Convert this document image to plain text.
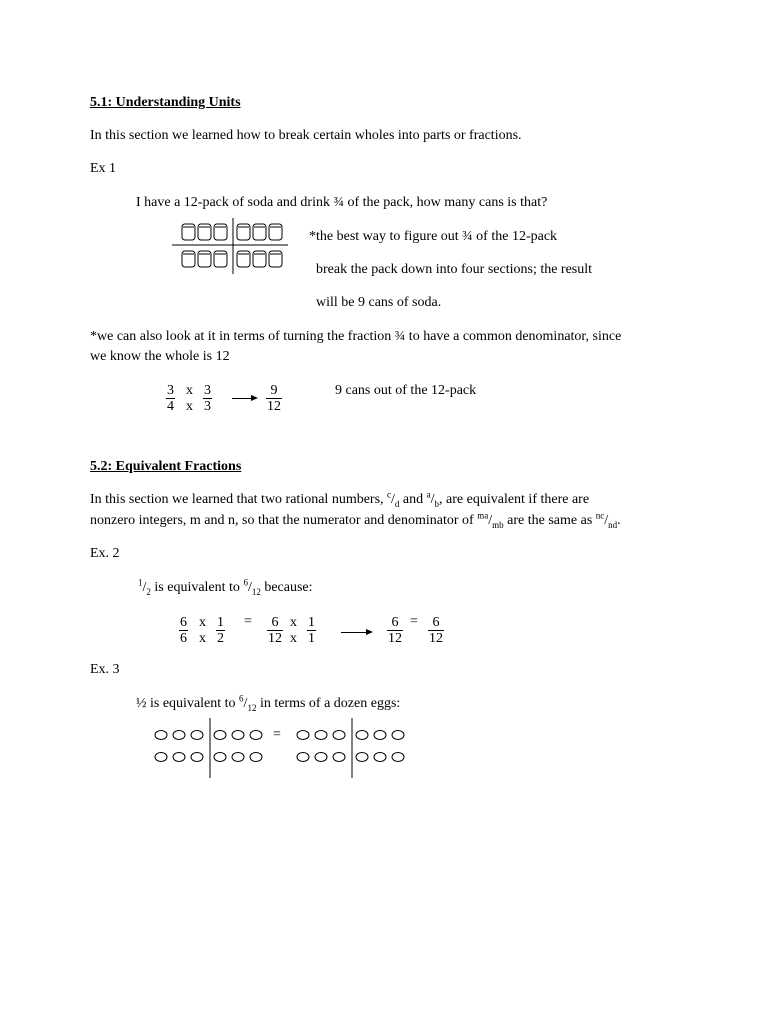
5.1: Understanding Units
In this section we learned how to break certain wholes into parts or fractions.
Ex 1
I have a 12-pack of soda and drink ¾ of the pack, how many cans is that?
*the best way to figure out ¾ of the 12-pack
break the pack down into four sections; the result
will be 9 cans of soda.
*we can also look at it in terms of turning the fraction ¾ to have a common denominator, since
we know the whole is 12
$\frac{3}{4}$ x
x $\frac{3}{3}$	$\frac{9}{12}$	9 cans out of the 12-pack
5.2: Equivalent Fractions
In this section we learned that two rational numbers, $^c/_d$ and $^a/_b$, are equivalent if there are
nonzero integers, m and n, so that the numerator and denominator of $^{ma}/_{mb}$ are the same as $^{nc}/_{nd}$.
Ex. 2
$^1/_2$ is equivalent to $^6/_{12}$ because:
$\frac{6}{6}$ x
x $\frac{1}{2} = \frac{6}{12}$ x
x $\frac{1}{1}$	$\frac{6}{12} = \frac{6}{12}$
Ex. 3
½ is equivalent to $^6/_{12}$ in terms of a dozen eggs:
=
